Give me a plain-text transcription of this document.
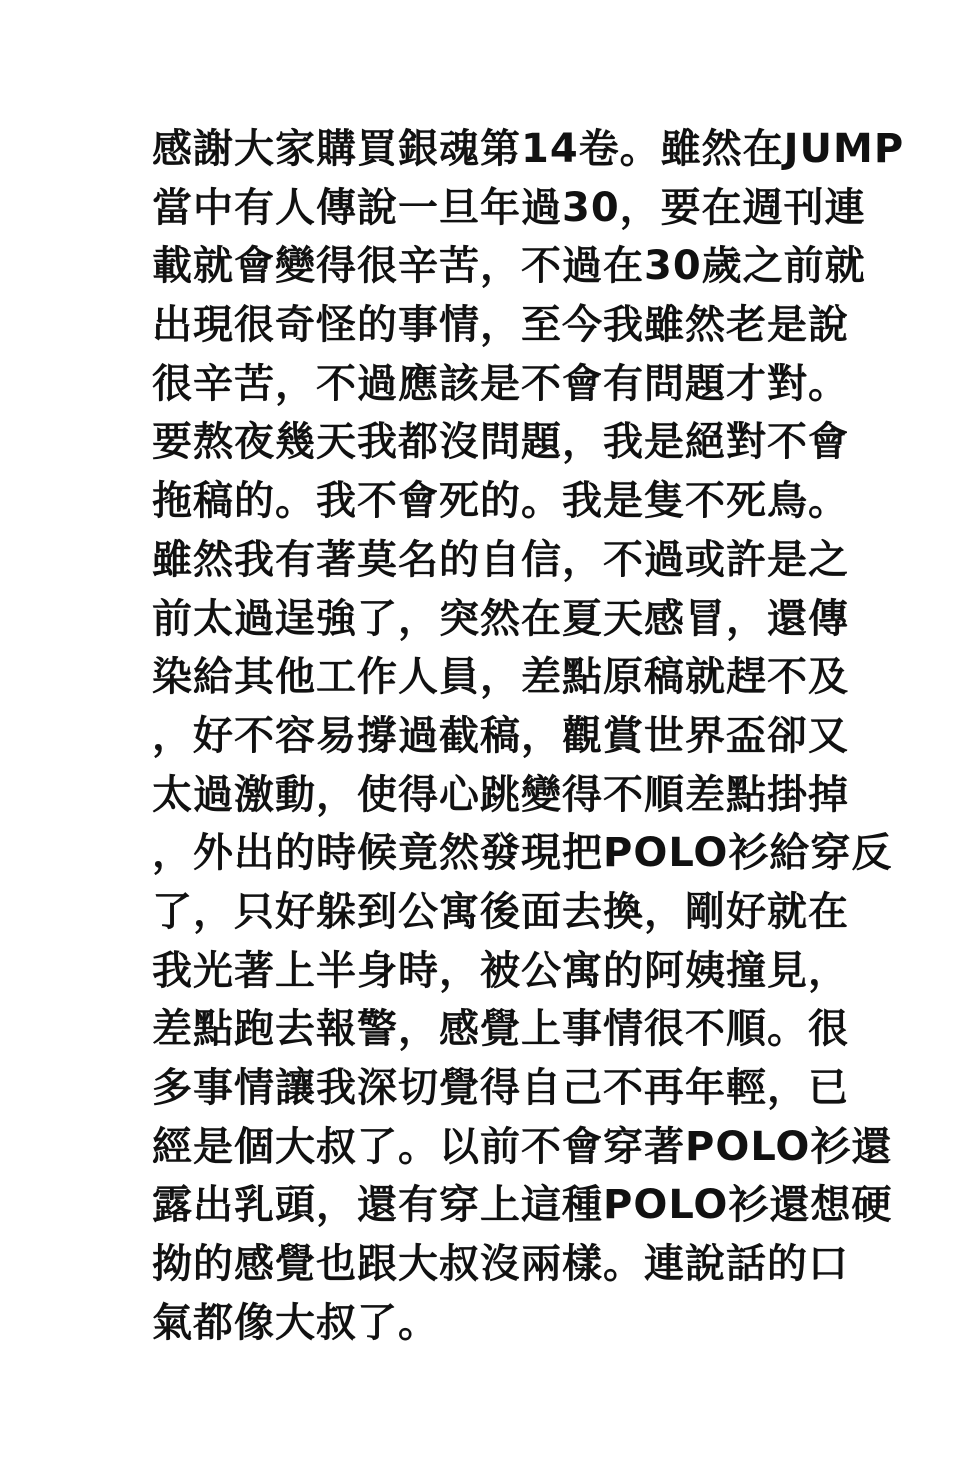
感謝大家購買銀魂第14卷。雖然在JUMP
當中有人傳說一旦年過30，要在週刊連
載就會變得很辛苦，不過在30歲之前就
出現很奇怪的事情，至今我雖然老是說
很辛苦，不過應該是不會有問題才對。
要熬夜幾天我都沒問題，我是絕對不會
拖稿的。我不會死的。我是隻不死鳥。
雖然我有著莫名的自信，不過或許是之
前太過逞強了，突然在夏天感冒，還傳
染給其他工作人員，差點原稿就趕不及
，好不容易撐過截稿，觀賞世界盃卻又
太過激動，使得心跳變得不順差點掛掉
，外出的時候竟然發現把POLO衫給穿反
了，只好躲到公寓後面去換，剛好就在
我光著上半身時，被公寓的阿姨撞見，
差點跑去報警，感覺上事情很不順。很
多事情讓我深切覺得自己不再年輕，已
經是個大叔了。以前不會穿著POLO衫還
露出乳頭，還有穿上這種POLO衫還想硬
拗的感覺也跟大叔沒兩樣。連說話的口
氣都像大叔了。
